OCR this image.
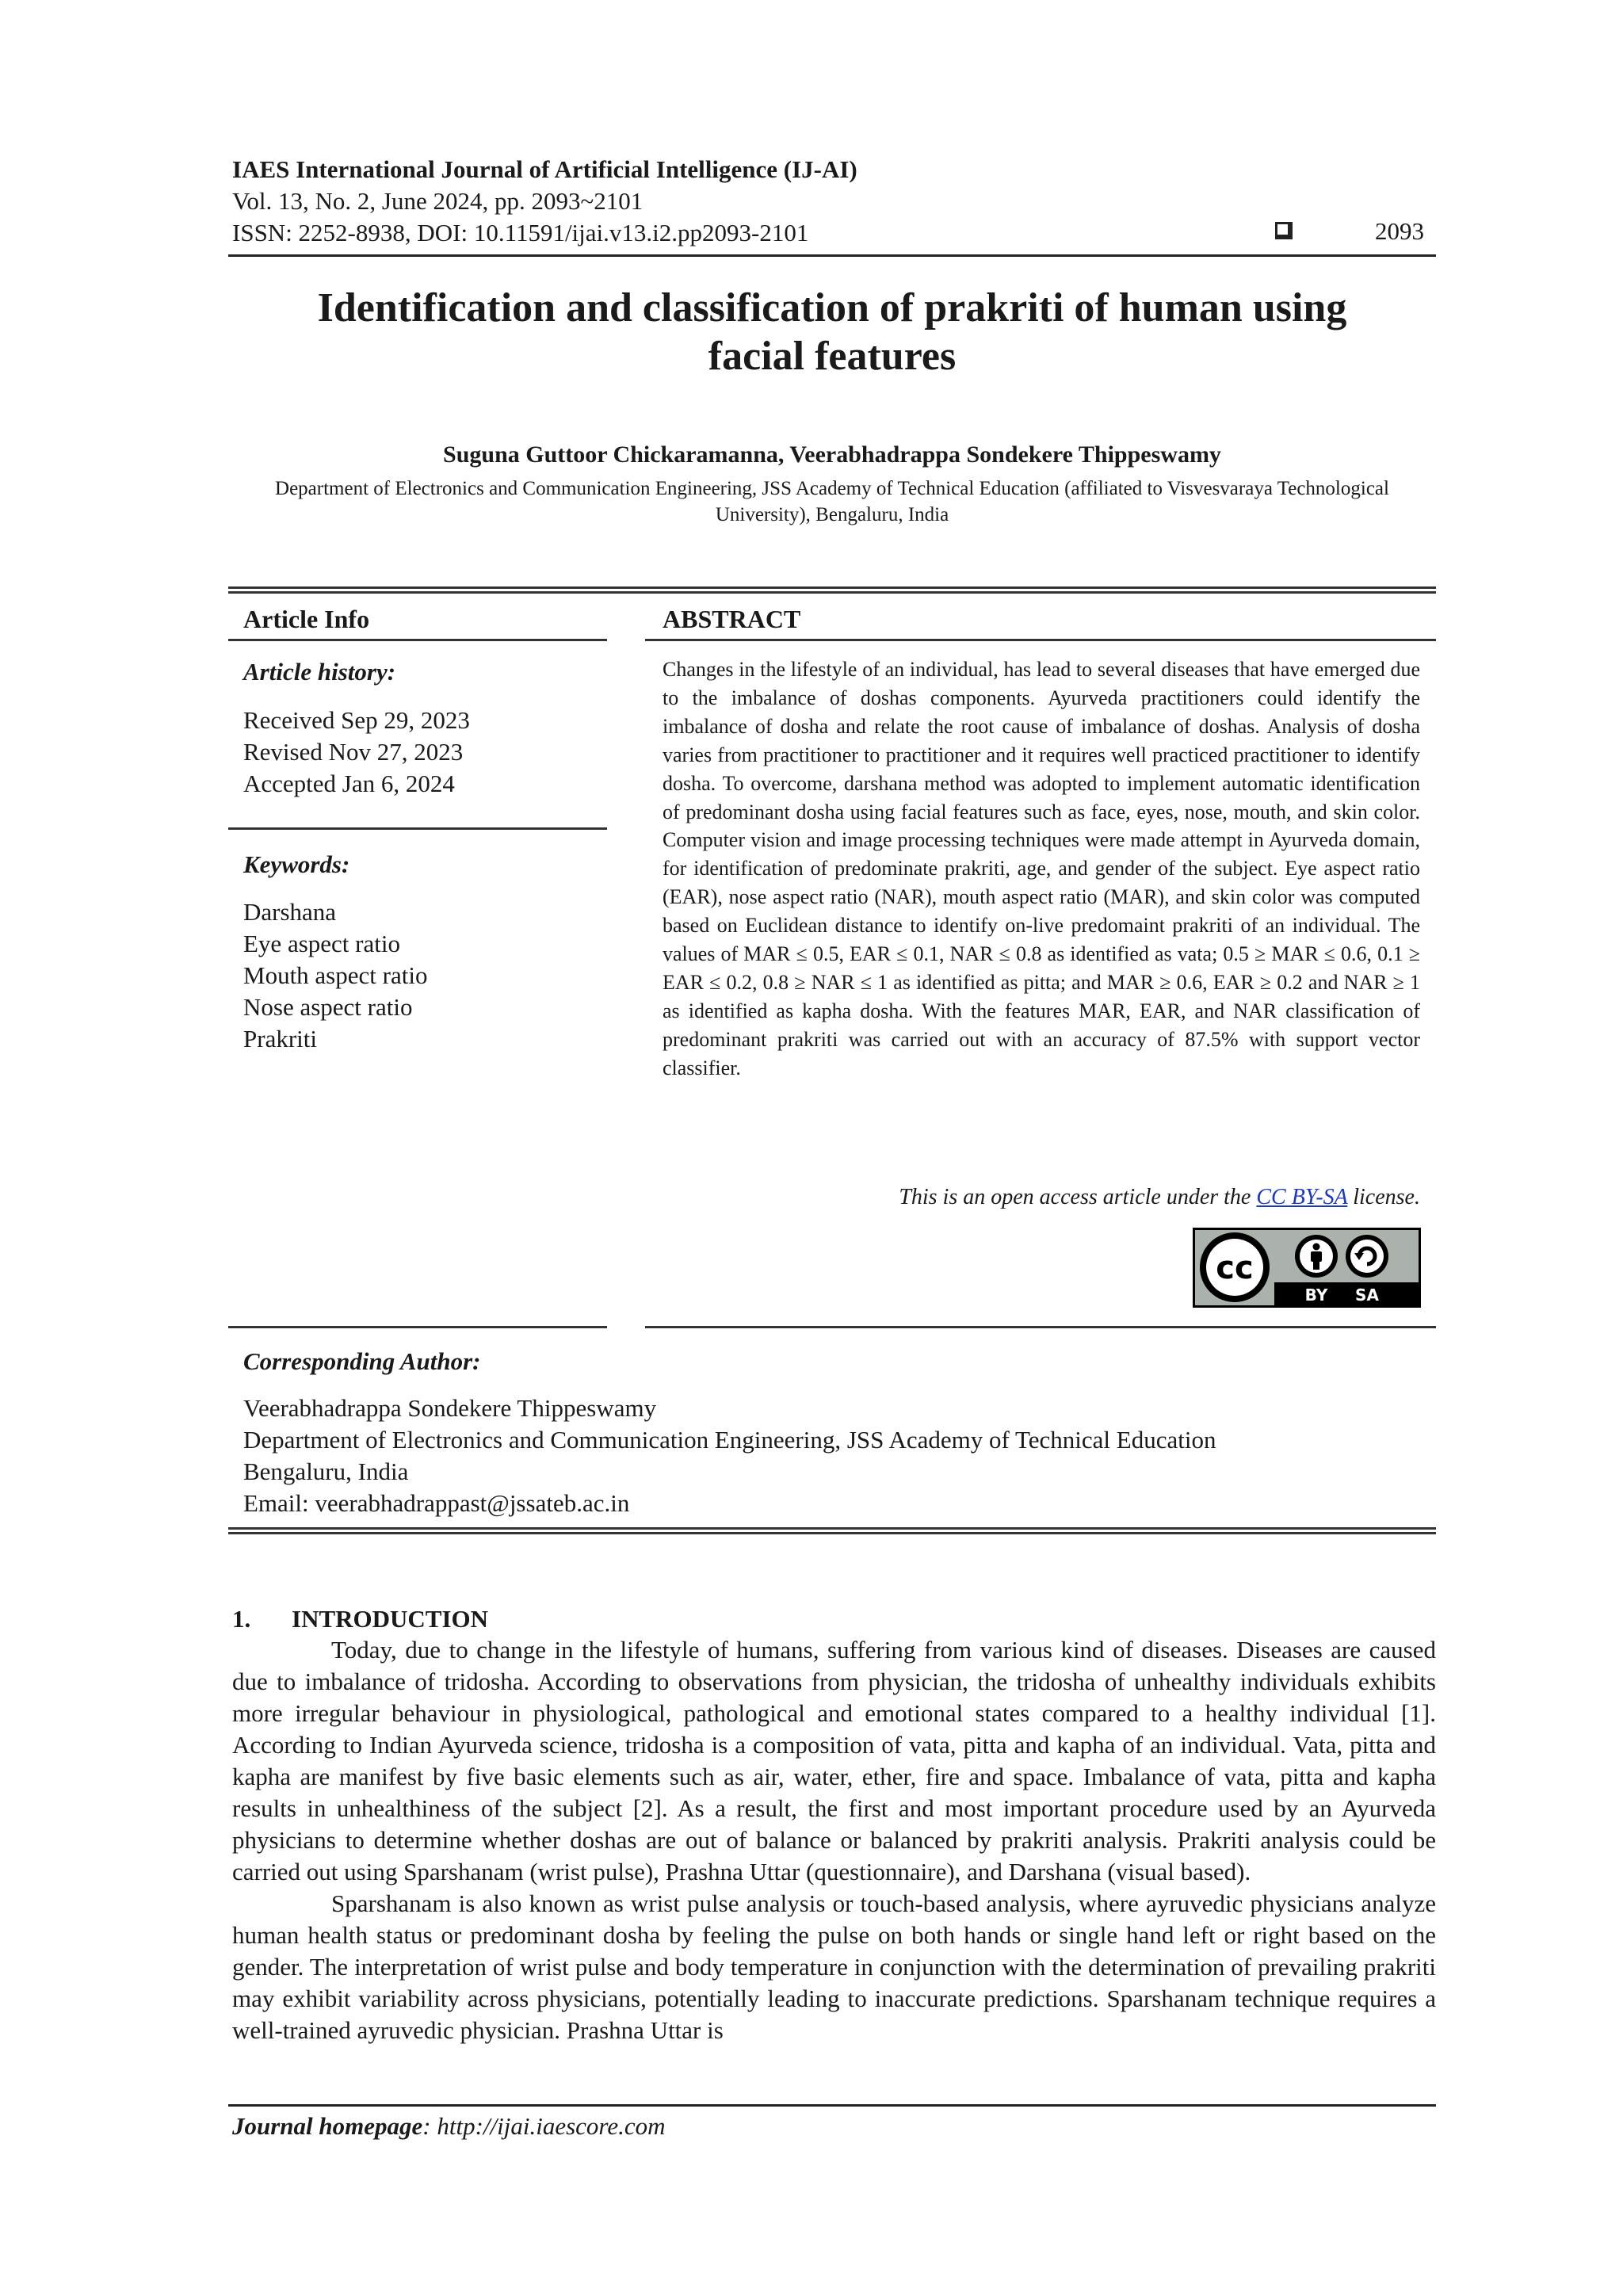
IAES International Journal of Artificial Intelligence (IJ-AI)
Vol. 13, No. 2, June 2024, pp. 2093~2101
ISSN: 2252-8938, DOI: 10.11591/ijai.v13.i2.pp2093-2101	2093
Identification and classification of prakriti of human using
facial features
Suguna Guttoor Chickaramanna, Veerabhadrappa Sondekere Thippeswamy
Department of Electronics and Communication Engineering, JSS Academy of Technical Education (affiliated to Visvesvaraya Technological University), Bengaluru, India
Article Info
Article history:
Received Sep 29, 2023
Revised Nov 27, 2023
Accepted Jan 6, 2024
Keywords:
Darshana
Eye aspect ratio
Mouth aspect ratio
Nose aspect ratio
Prakriti
ABSTRACT
Changes in the lifestyle of an individual, has lead to several diseases that have emerged due to the imbalance of doshas components. Ayurveda practitioners could identify the imbalance of dosha and relate the root cause of imbalance of doshas. Analysis of dosha varies from practitioner to practitioner and it requires well practiced practitioner to identify dosha. To overcome, darshana method was adopted to implement automatic identification of predominant dosha using facial features such as face, eyes, nose, mouth, and skin color. Computer vision and image processing techniques were made attempt in Ayurveda domain, for identification of predominate prakriti, age, and gender of the subject. Eye aspect ratio (EAR), nose aspect ratio (NAR), mouth aspect ratio (MAR), and skin color was computed based on Euclidean distance to identify on-live predomaint prakriti of an individual. The values of MAR ≤ 0.5, EAR ≤ 0.1, NAR ≤ 0.8 as identified as vata; 0.5 ≥ MAR ≤ 0.6, 0.1 ≥ EAR ≤ 0.2, 0.8 ≥ NAR ≤ 1 as identified as pitta; and MAR ≥ 0.6, EAR ≥ 0.2 and NAR ≥ 1 as identified as kapha dosha. With the features MAR, EAR, and NAR classification of predominant prakriti was carried out with an accuracy of 87.5% with support vector classifier.
This is an open access article under the CC BY-SA license.
cc
BY SA
Corresponding Author:
Veerabhadrappa Sondekere Thippeswamy
Department of Electronics and Communication Engineering, JSS Academy of Technical Education
Bengaluru, India
Email: veerabhadrappast@jssateb.ac.in
1. INTRODUCTION

Today, due to change in the lifestyle of humans, suffering from various kind of diseases. Diseases are caused due to imbalance of tridosha. According to observations from physician, the tridosha of unhealthy individuals exhibits more irregular behaviour in physiological, pathological and emotional states compared to a healthy individual [1]. According to Indian Ayurveda science, tridosha is a composition of vata, pitta and kapha of an individual. Vata, pitta and kapha are manifest by five basic elements such as air, water, ether, fire and space. Imbalance of vata, pitta and kapha results in unhealthiness of the subject [2]. As a result, the first and most important procedure used by an Ayurveda physicians to determine whether doshas are out of balance or balanced by prakriti analysis. Prakriti analysis could be carried out using Sparshanam (wrist pulse), Prashna Uttar (questionnaire), and Darshana (visual based).

Sparshanam is also known as wrist pulse analysis or touch-based analysis, where ayruvedic physicians analyze human health status or predominant dosha by feeling the pulse on both hands or single hand left or right based on the gender. The interpretation of wrist pulse and body temperature in conjunction with the determination of prevailing prakriti may exhibit variability across physicians, potentially leading to inaccurate predictions. Sparshanam technique requires a well-trained ayruvedic physician. Prashna Uttar is

Journal homepage: http://ijai.iaescore.com
